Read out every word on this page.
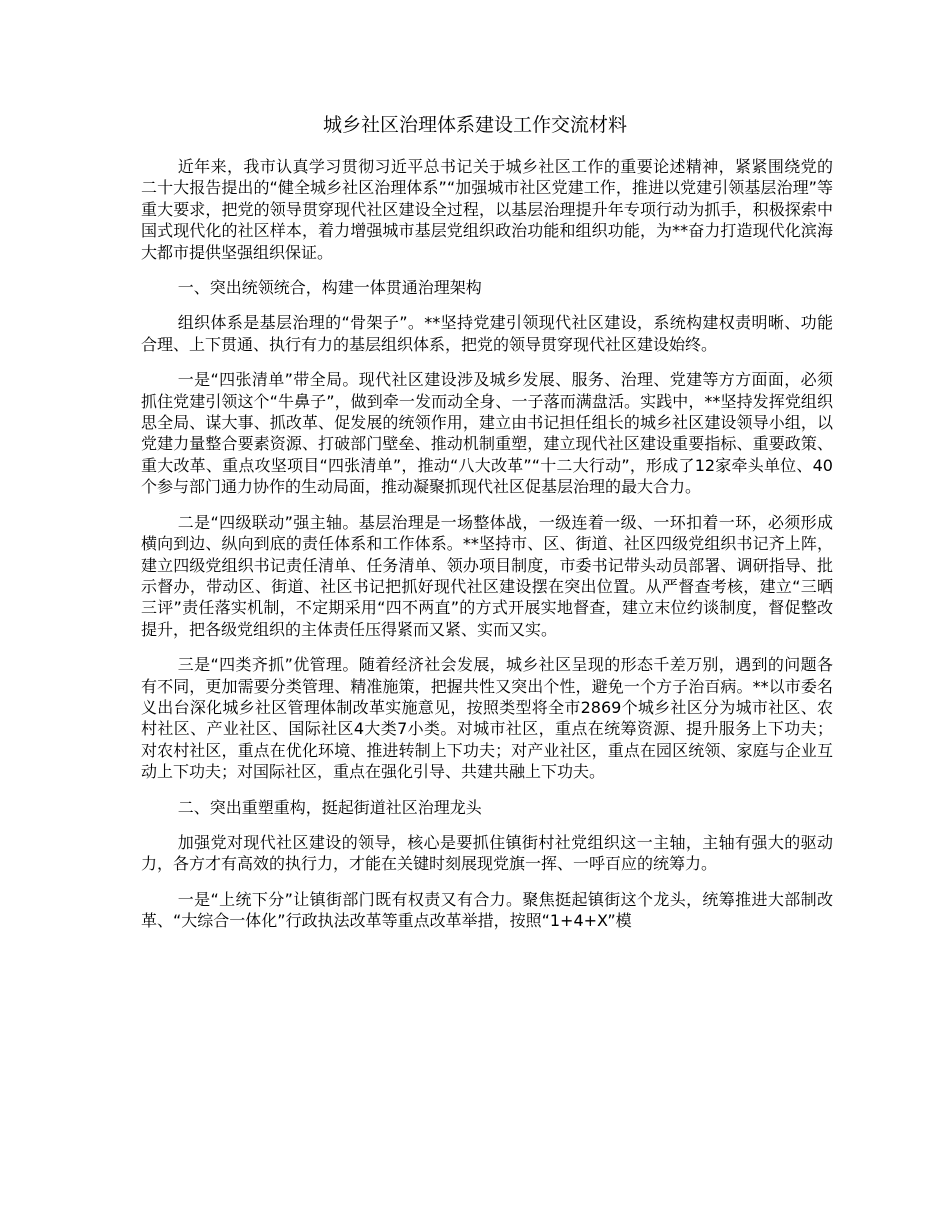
城乡社区治理体系建设工作交流材料

近年来，我市认真学习贯彻习近平总书记关于城乡社区工作的重要论述精神，紧紧围绕党的二十大报告提出的“健全城乡社区治理体系”“加强城市社区党建工作，推进以党建引领基层治理”等重大要求，把党的领导贯穿现代社区建设全过程，以基层治理提升年专项行动为抓手，积极探索中国式现代化的社区样本，着力增强城市基层党组织政治功能和组织功能，为**奋力打造现代化滨海大都市提供坚强组织保证。

一、突出统领统合，构建一体贯通治理架构

组织体系是基层治理的“骨架子”。**坚持党建引领现代社区建设，系统构建权责明晰、功能合理、上下贯通、执行有力的基层组织体系，把党的领导贯穿现代社区建设始终。

一是“四张清单”带全局。现代社区建设涉及城乡发展、服务、治理、党建等方方面面，必须抓住党建引领这个“牛鼻子”，做到牵一发而动全身、一子落而满盘活。实践中，**坚持发挥党组织思全局、谋大事、抓改革、促发展的统领作用，建立由书记担任组长的城乡社区建设领导小组，以党建力量整合要素资源、打破部门壁垒、推动机制重塑，建立现代社区建设重要指标、重要政策、重大改革、重点攻坚项目“四张清单”，推动“八大改革”“十二大行动”，形成了12家牵头单位、40个参与部门通力协作的生动局面，推动凝聚抓现代社区促基层治理的最大合力。

二是“四级联动”强主轴。基层治理是一场整体战，一级连着一级、一环扣着一环，必须形成横向到边、纵向到底的责任体系和工作体系。**坚持市、区、街道、社区四级党组织书记齐上阵，建立四级党组织书记责任清单、任务清单、领办项目制度，市委书记带头动员部署、调研指导、批示督办，带动区、街道、社区书记把抓好现代社区建设摆在突出位置。从严督查考核，建立“三晒三评”责任落实机制，不定期采用“四不两直”的方式开展实地督查，建立末位约谈制度，督促整改提升，把各级党组织的主体责任压得紧而又紧、实而又实。

三是“四类齐抓”优管理。随着经济社会发展，城乡社区呈现的形态千差万别，遇到的问题各有不同，更加需要分类管理、精准施策，把握共性又突出个性，避免一个方子治百病。**以市委名义出台深化城乡社区管理体制改革实施意见，按照类型将全市2869个城乡社区分为城市社区、农村社区、产业社区、国际社区4大类7小类。对城市社区，重点在统筹资源、提升服务上下功夫；对农村社区，重点在优化环境、推进转制上下功夫；对产业社区，重点在园区统领、家庭与企业互动上下功夫；对国际社区，重点在强化引导、共建共融上下功夫。

二、突出重塑重构，挺起街道社区治理龙头

加强党对现代社区建设的领导，核心是要抓住镇街村社党组织这一主轴，主轴有强大的驱动力，各方才有高效的执行力，才能在关键时刻展现党旗一挥、一呼百应的统筹力。

一是“上统下分”让镇街部门既有权责又有合力。聚焦挺起镇街这个龙头，统筹推进大部制改革、“大综合一体化”行政执法改革等重点改革举措，按照“1+4+X”模
